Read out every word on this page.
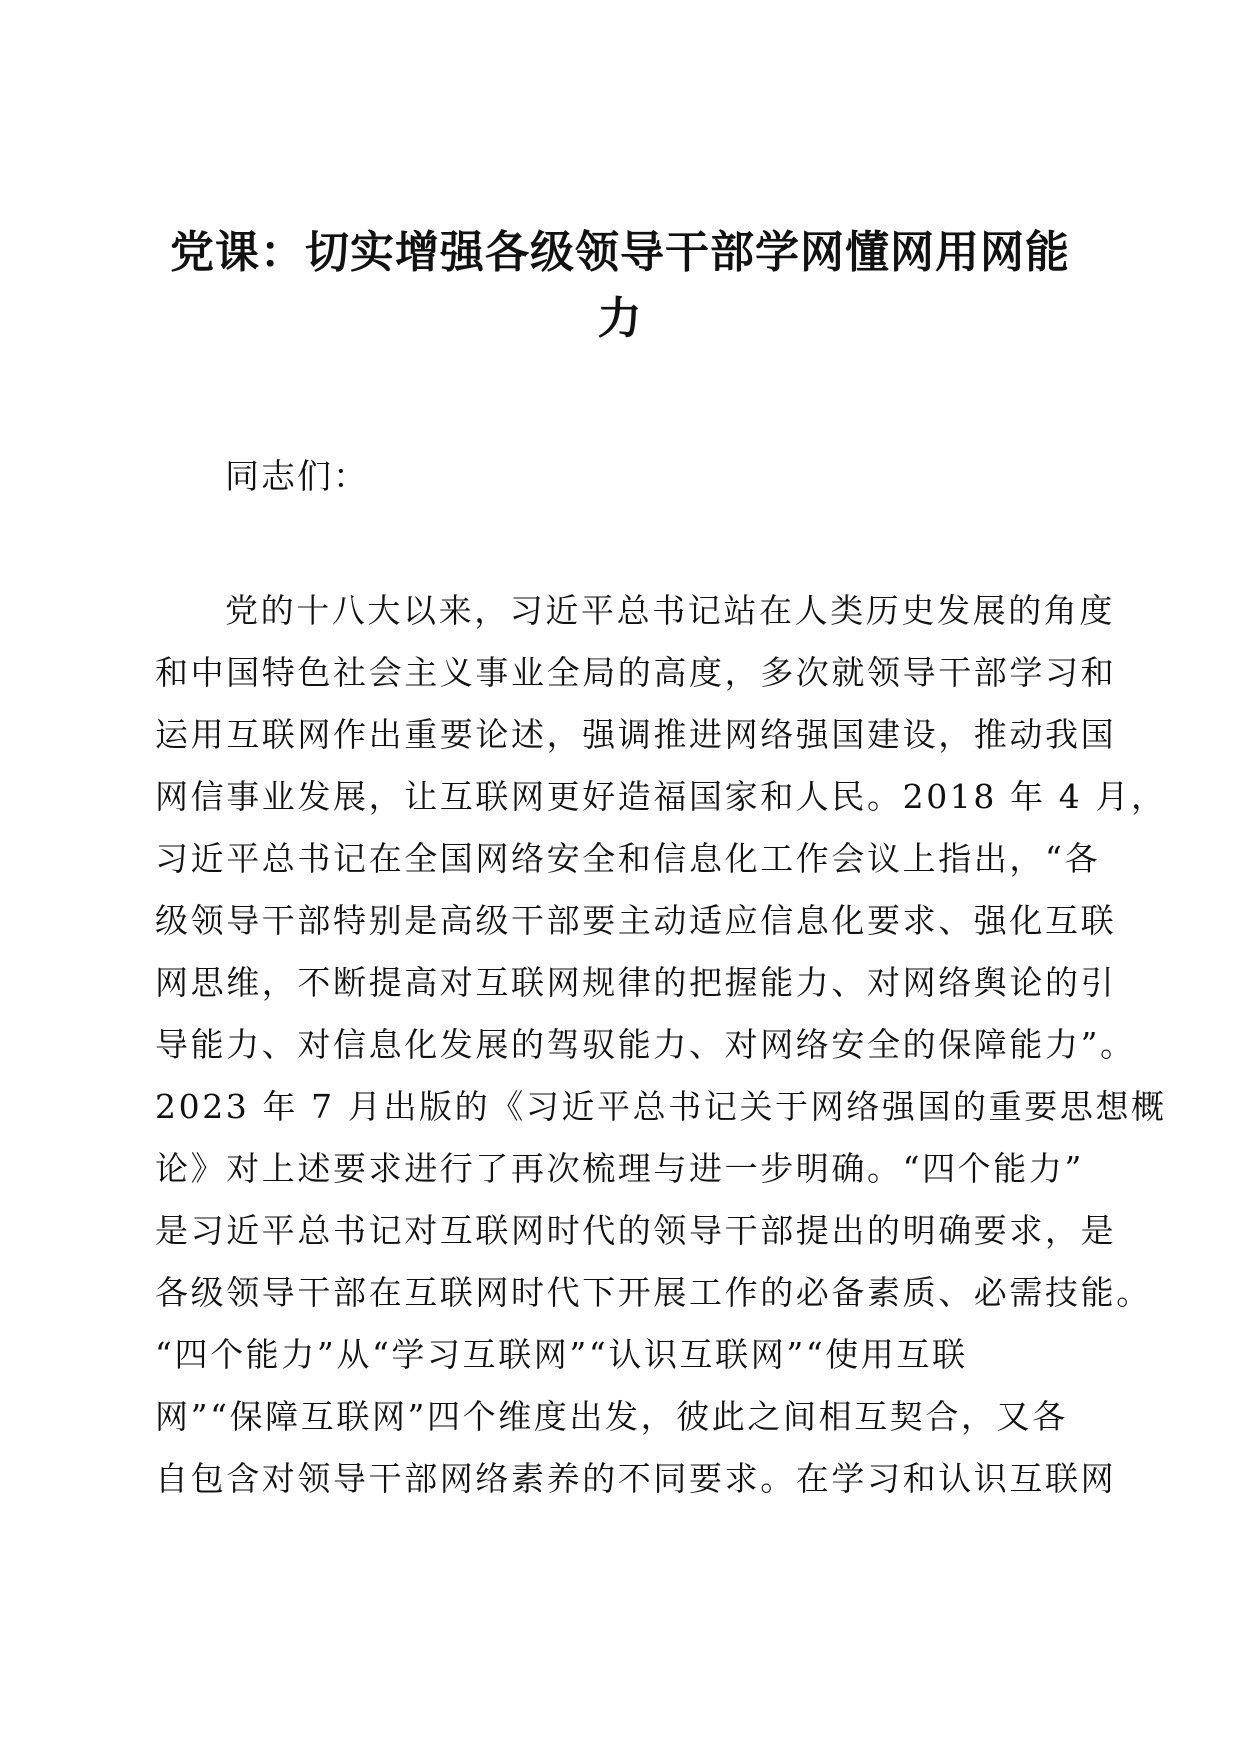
党课：切实增强各级领导干部学网懂网用网能力

同志们：

党的十八大以来，习近平总书记站在人类历史发展的角度
和中国特色社会主义事业全局的高度，多次就领导干部学习和
运用互联网作出重要论述，强调推进网络强国建设，推动我国
网信事业发展，让互联网更好造福国家和人民。2018 年 4 月，
习近平总书记在全国网络安全和信息化工作会议上指出，“各
级领导干部特别是高级干部要主动适应信息化要求、强化互联
网思维，不断提高对互联网规律的把握能力、对网络舆论的引
导能力、对信息化发展的驾驭能力、对网络安全的保障能力”。
2023 年 7 月出版的《习近平总书记关于网络强国的重要思想概
论》对上述要求进行了再次梳理与进一步明确。“四个能力”
是习近平总书记对互联网时代的领导干部提出的明确要求，是
各级领导干部在互联网时代下开展工作的必备素质、必需技能。
“四个能力”从“学习互联网”“认识互联网”“使用互联
网”“保障互联网”四个维度出发，彼此之间相互契合，又各
自包含对领导干部网络素养的不同要求。在学习和认识互联网
